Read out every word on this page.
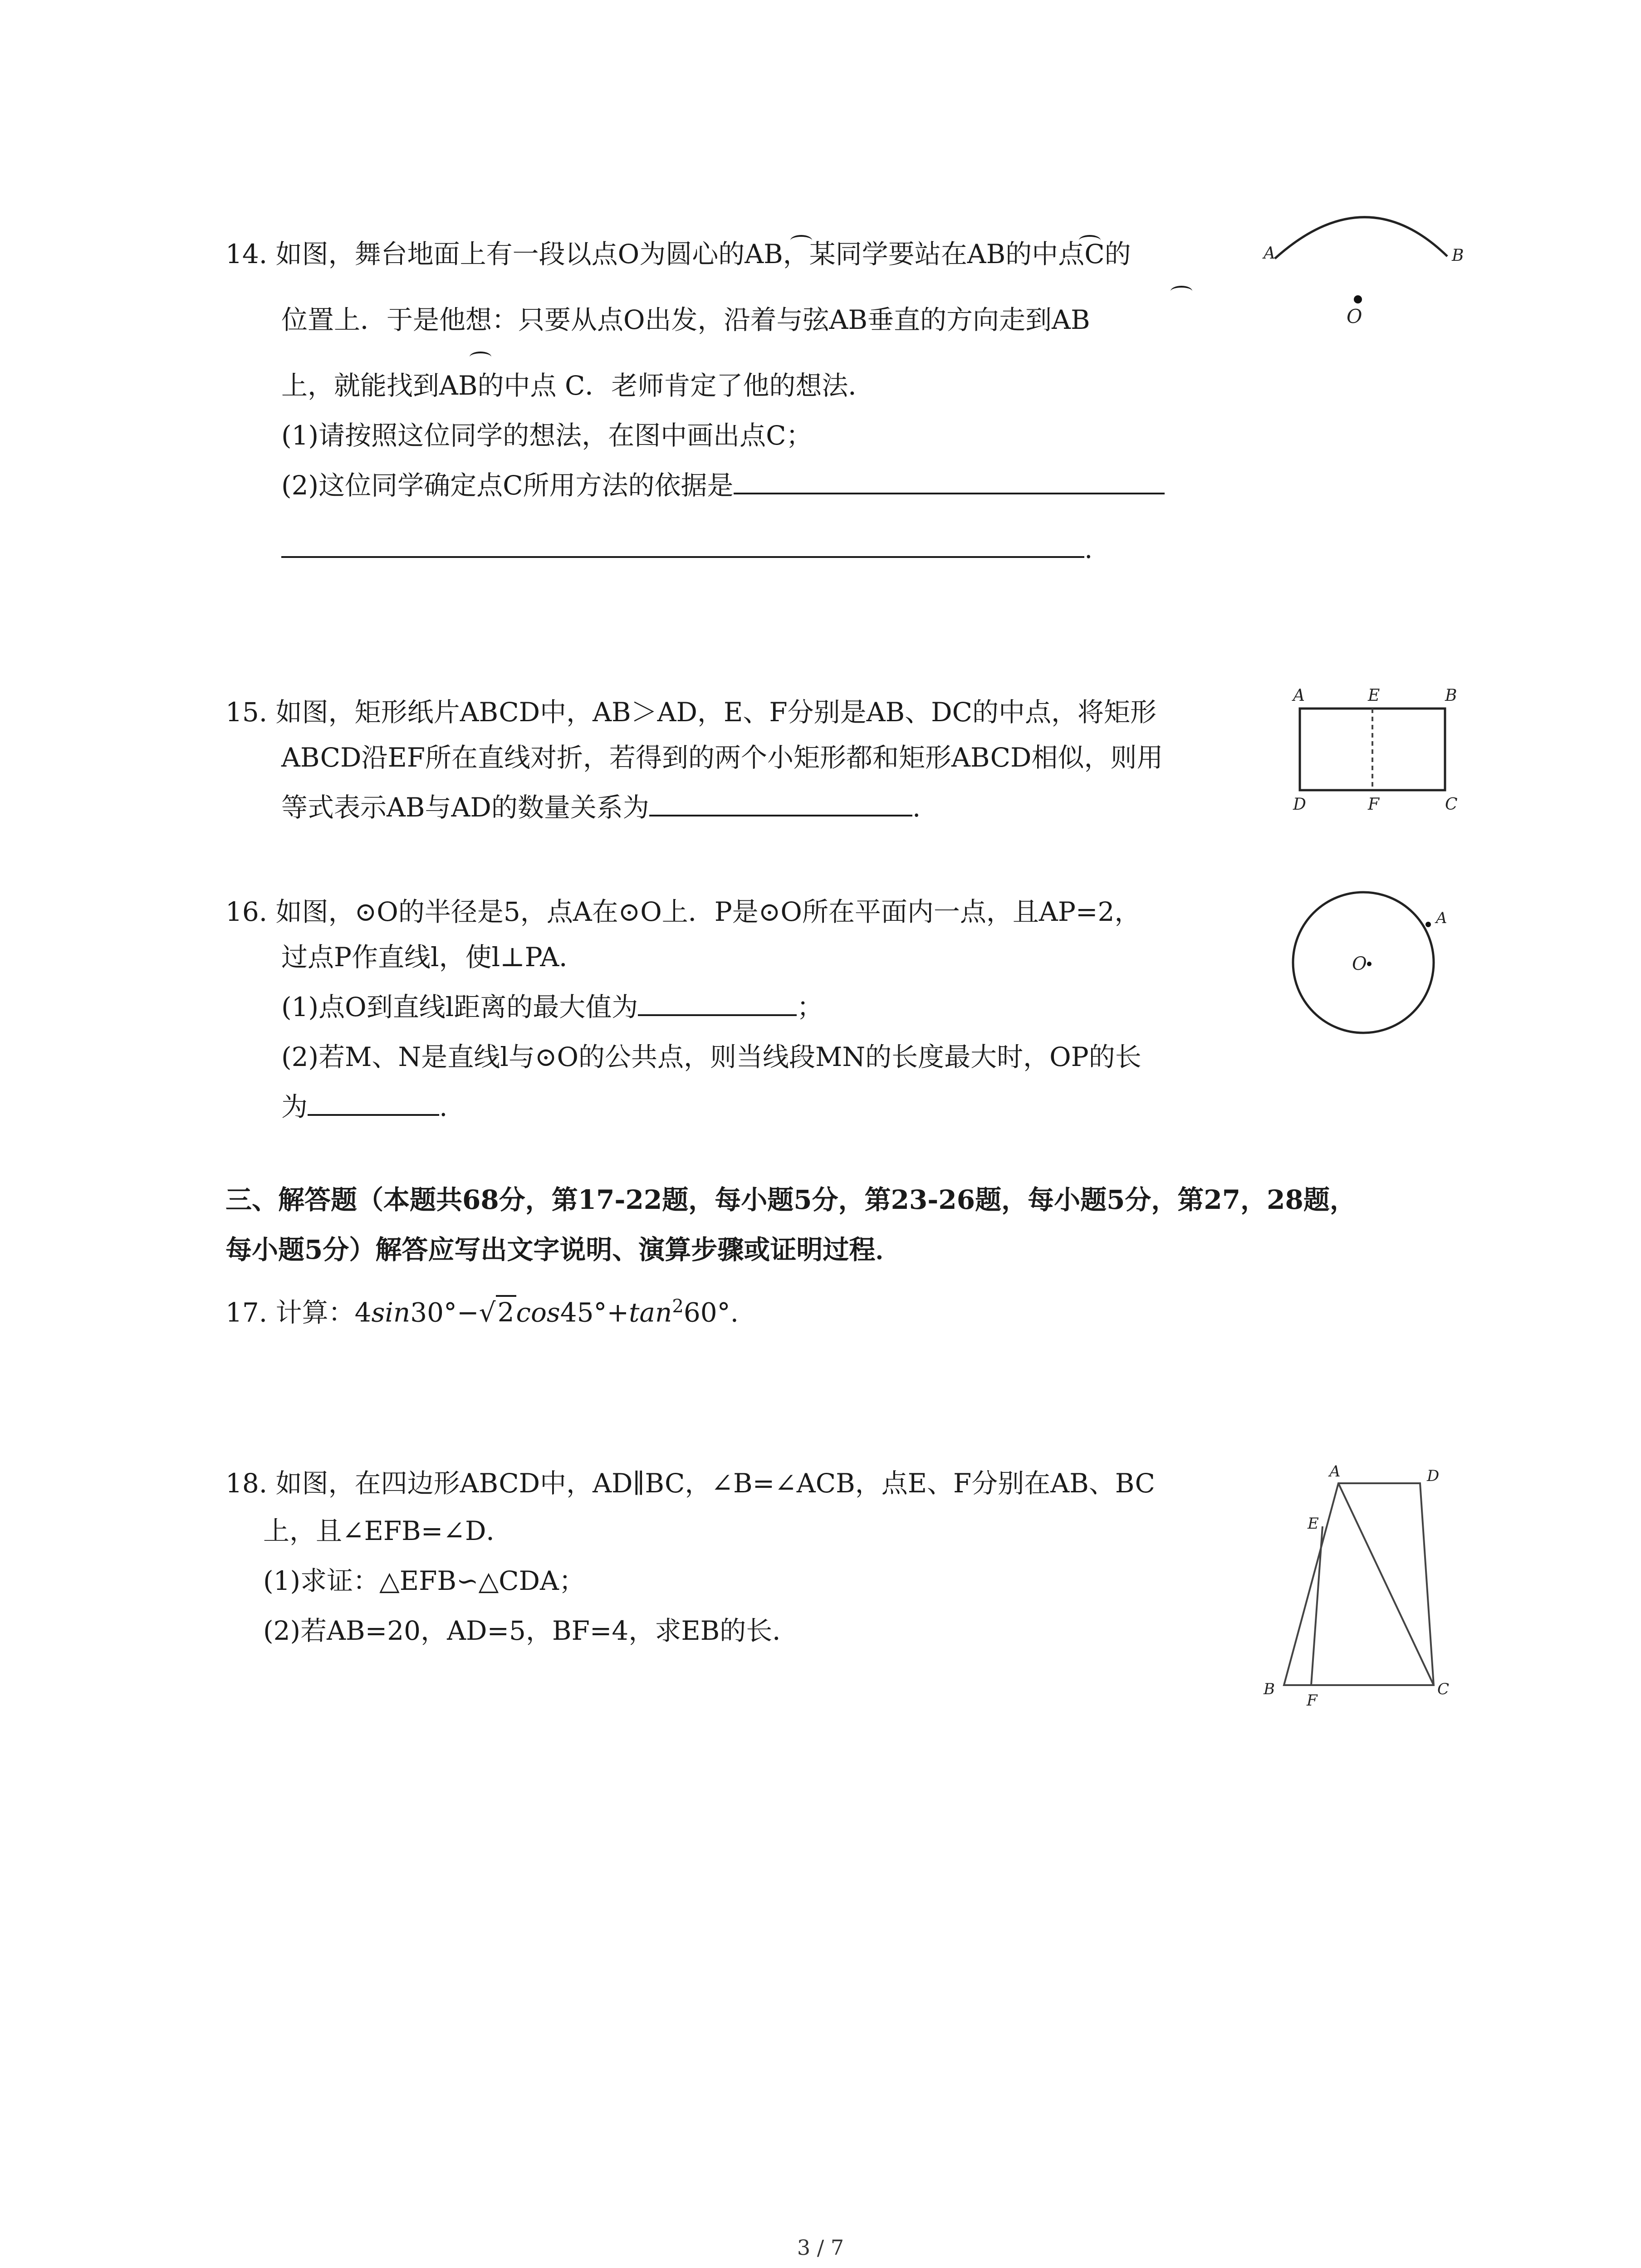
14. 如图，舞台地面上有一段以点O为圆心的AB，某同学要站在AB的中点C的
位置上．于是他想：只要从点O出发，沿着与弦AB垂直的方向走到AB
上，就能找到AB的中点 C．老师肯定了他的想法．
(1)请按照这位同学的想法，在图中画出点C；
(2)这位同学确定点C所用方法的依据是
.
A	B
O
15. 如图，矩形纸片ABCD中，AB＞AD，E、F分别是AB、DC的中点，将矩形
ABCD沿EF所在直线对折，若得到的两个小矩形都和矩形ABCD相似，则用
等式表示AB与AD的数量关系为	.
A	E	B
D	F	C
16. 如图，⊙O的半径是5，点A在⊙O上．P是⊙O所在平面内一点，且AP=2，
过点P作直线l，使l⊥PA．
(1)点O到直线l距离的最大值为	；
(2)若M、N是直线l与⊙O的公共点，则当线段MN的长度最大时，OP的长
为	.
O
A
三、解答题（本题共68分，第17-22题，每小题5分，第23-26题，每小题5分，第27，28题，
每小题5分）解答应写出文字说明、演算步骤或证明过程．
17. 计算：$4\sin 30^\circ-√2\cos 45^\circ+\tan^260^\circ$.
18. 如图，在四边形ABCD中，AD∥BC，∠B=∠ACB，点E、F分别在AB、BC
上，且∠EFB=∠D．
(1)求证：△EFB∽△CDA；
(2)若AB=20，AD=5，BF=4，求EB的长．
A	D
E
B
F
C
3 / 7
